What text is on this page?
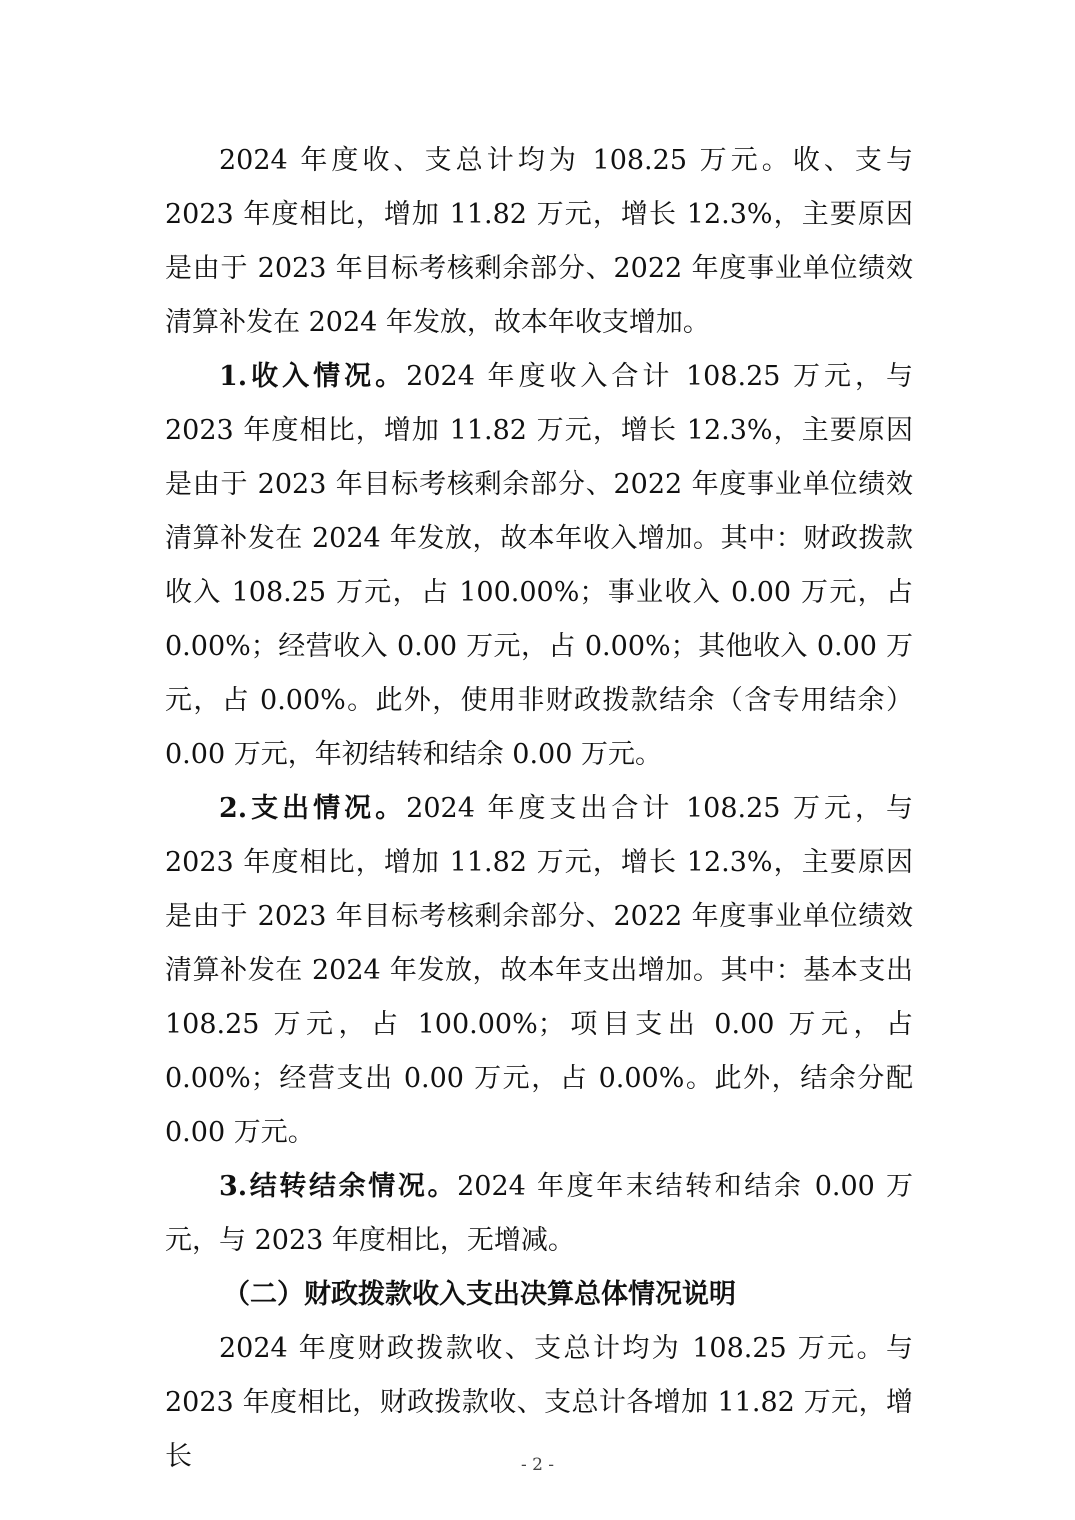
2024 年度收、支总计均为 108.25 万元。收、支与 2023 年度相比，增加 11.82 万元，增长 12.3%，主要原因是由于 2023 年目标考核剩余部分、2022 年度事业单位绩效清算补发在 2024 年发放，故本年收支增加。

1.收入情况。2024 年度收入合计 108.25 万元，与 2023 年度相比，增加 11.82 万元，增长 12.3%，主要原因是由于 2023 年目标考核剩余部分、2022 年度事业单位绩效清算补发在 2024 年发放，故本年收入增加。其中：财政拨款收入 108.25 万元，占 100.00%；事业收入 0.00 万元，占 0.00%；经营收入 0.00 万元，占 0.00%；其他收入 0.00 万元，占 0.00%。此外，使用非财政拨款结余（含专用结余）0.00 万元，年初结转和结余 0.00 万元。

2.支出情况。2024 年度支出合计 108.25 万元，与 2023 年度相比，增加 11.82 万元，增长 12.3%，主要原因是由于 2023 年目标考核剩余部分、2022 年度事业单位绩效清算补发在 2024 年发放，故本年支出增加。其中：基本支出 108.25 万元，占 100.00%；项目支出 0.00 万元，占 0.00%；经营支出 0.00 万元，占 0.00%。此外，结余分配 0.00 万元。

3.结转结余情况。2024 年度年末结转和结余 0.00 万元，与 2023 年度相比，无增减。

（二）财政拨款收入支出决算总体情况说明

2024 年度财政拨款收、支总计均为 108.25 万元。与 2023 年度相比，财政拨款收、支总计各增加 11.82 万元，增长	- 2 -
